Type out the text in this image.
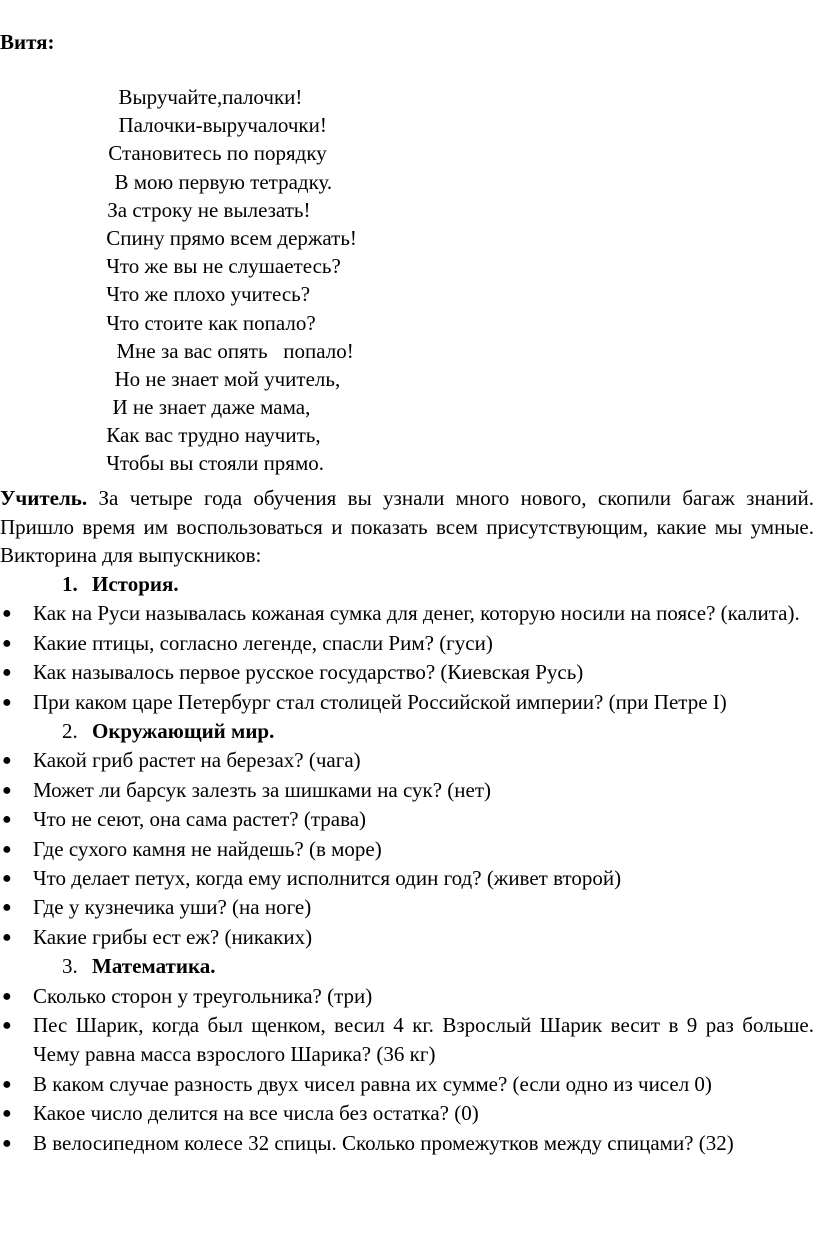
Витя:

Выручайте,палочки!
Палочки-выручалочки!
Становитесь по порядку
В мою первую тетрадку.
За строку не вылезать!
Спину прямо всем держать!
Что же вы не слушаетесь?
Что же плохо учитесь?
Что стоите как попало?
Мне за вас опять   попало!
Но не знает мой учитель,
И не знает даже мама,
Как вас трудно научить,
Чтобы вы стояли прямо.

Учитель. За четыре года обучения вы узнали много нового, скопили багаж знаний. Пришло время им воспользоваться и показать всем присутствующим, какие мы умные. Викторина для выпускников:

1. История.
● Как на Руси называлась кожаная сумка для денег, которую носили на поясе? (калита).
● Какие птицы, согласно легенде, спасли Рим? (гуси)
● Как называлось первое русское государство? (Киевская Русь)
● При каком царе Петербург стал столицей Российской империи? (при Петре I)
2. Окружающий мир.
● Какой гриб растет на березах? (чага)
● Может ли барсук залезть за шишками на сук? (нет)
● Что не сеют, она сама растет? (трава)
● Где сухого камня не найдешь? (в море)
● Что делает петух, когда ему исполнится один год? (живет второй)
● Где у кузнечика уши? (на ноге)
● Какие грибы ест еж? (никаких)
3. Математика.
● Сколько сторон у треугольника? (три)
● Пес Шарик, когда был щенком, весил 4 кг. Взрослый Шарик весит в 9 раз больше. Чему равна масса взрослого Шарика? (36 кг)
● В каком случае разность двух чисел равна их сумме? (если одно из чисел 0)
● Какое число делится на все числа без остатка? (0)
● В велосипедном колесе 32 спицы. Сколько промежутков между спицами? (32)
